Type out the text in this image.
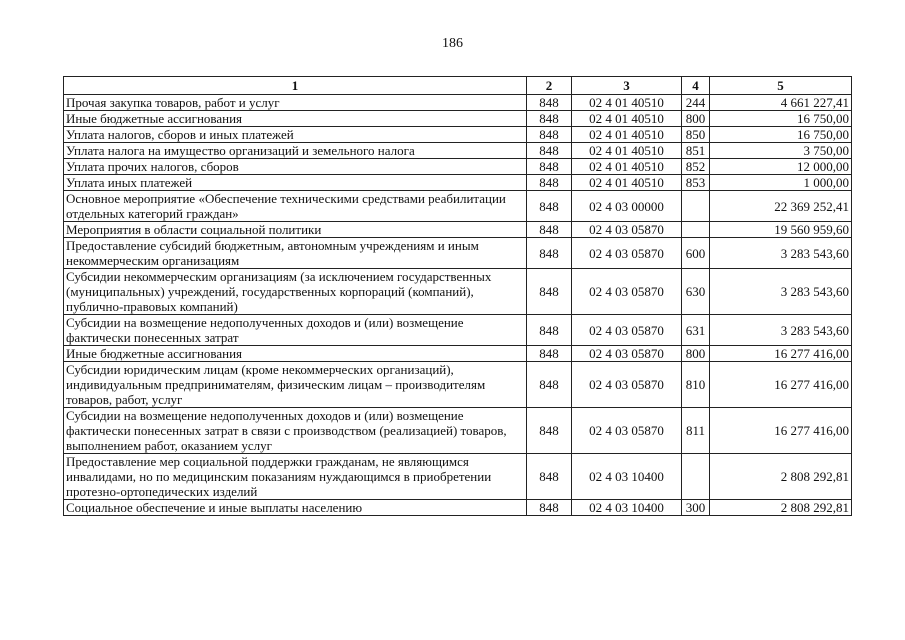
186
1	2	3	4	5
Прочая закупка товаров, работ и услуг	848	02 4 01 40510	244	4 661 227,41
Иные бюджетные ассигнования	848	02 4 01 40510	800	16 750,00
Уплата налогов, сборов и иных платежей	848	02 4 01 40510	850	16 750,00
Уплата налога на имущество организаций и земельного налога	848	02 4 01 40510	851	3 750,00
Уплата прочих налогов, сборов	848	02 4 01 40510	852	12 000,00
Уплата иных платежей	848	02 4 01 40510	853	1 000,00
Основное мероприятие «Обеспечение техническими средствами реабилитации отдельных категорий граждан»	848	02 4 03 00000		22 369 252,41
Мероприятия в области социальной политики	848	02 4 03 05870		19 560 959,60
Предоставление субсидий бюджетным, автономным учреждениям и иным некоммерческим организациям	848	02 4 03 05870	600	3 283 543,60
Субсидии некоммерческим организациям (за исключением государственных (муниципальных) учреждений, государственных корпораций (компаний), публично-правовых компаний)	848	02 4 03 05870	630	3 283 543,60
Субсидии на возмещение недополученных доходов и (или) возмещение фактически понесенных затрат	848	02 4 03 05870	631	3 283 543,60
Иные бюджетные ассигнования	848	02 4 03 05870	800	16 277 416,00
Субсидии юридическим лицам (кроме некоммерческих организаций), индивидуальным предпринимателям, физическим лицам – производителям товаров, работ, услуг	848	02 4 03 05870	810	16 277 416,00
Субсидии на возмещение недополученных доходов и (или) возмещение фактически понесенных затрат в связи с производством (реализацией) товаров, выполнением работ, оказанием услуг	848	02 4 03 05870	811	16 277 416,00
Предоставление мер социальной поддержки гражданам, не являющимся инвалидами, но по медицинским показаниям нуждающимся в приобретении протезно-ортопедических изделий	848	02 4 03 10400		2 808 292,81
Социальное обеспечение и иные выплаты населению	848	02 4 03 10400	300	2 808 292,81
